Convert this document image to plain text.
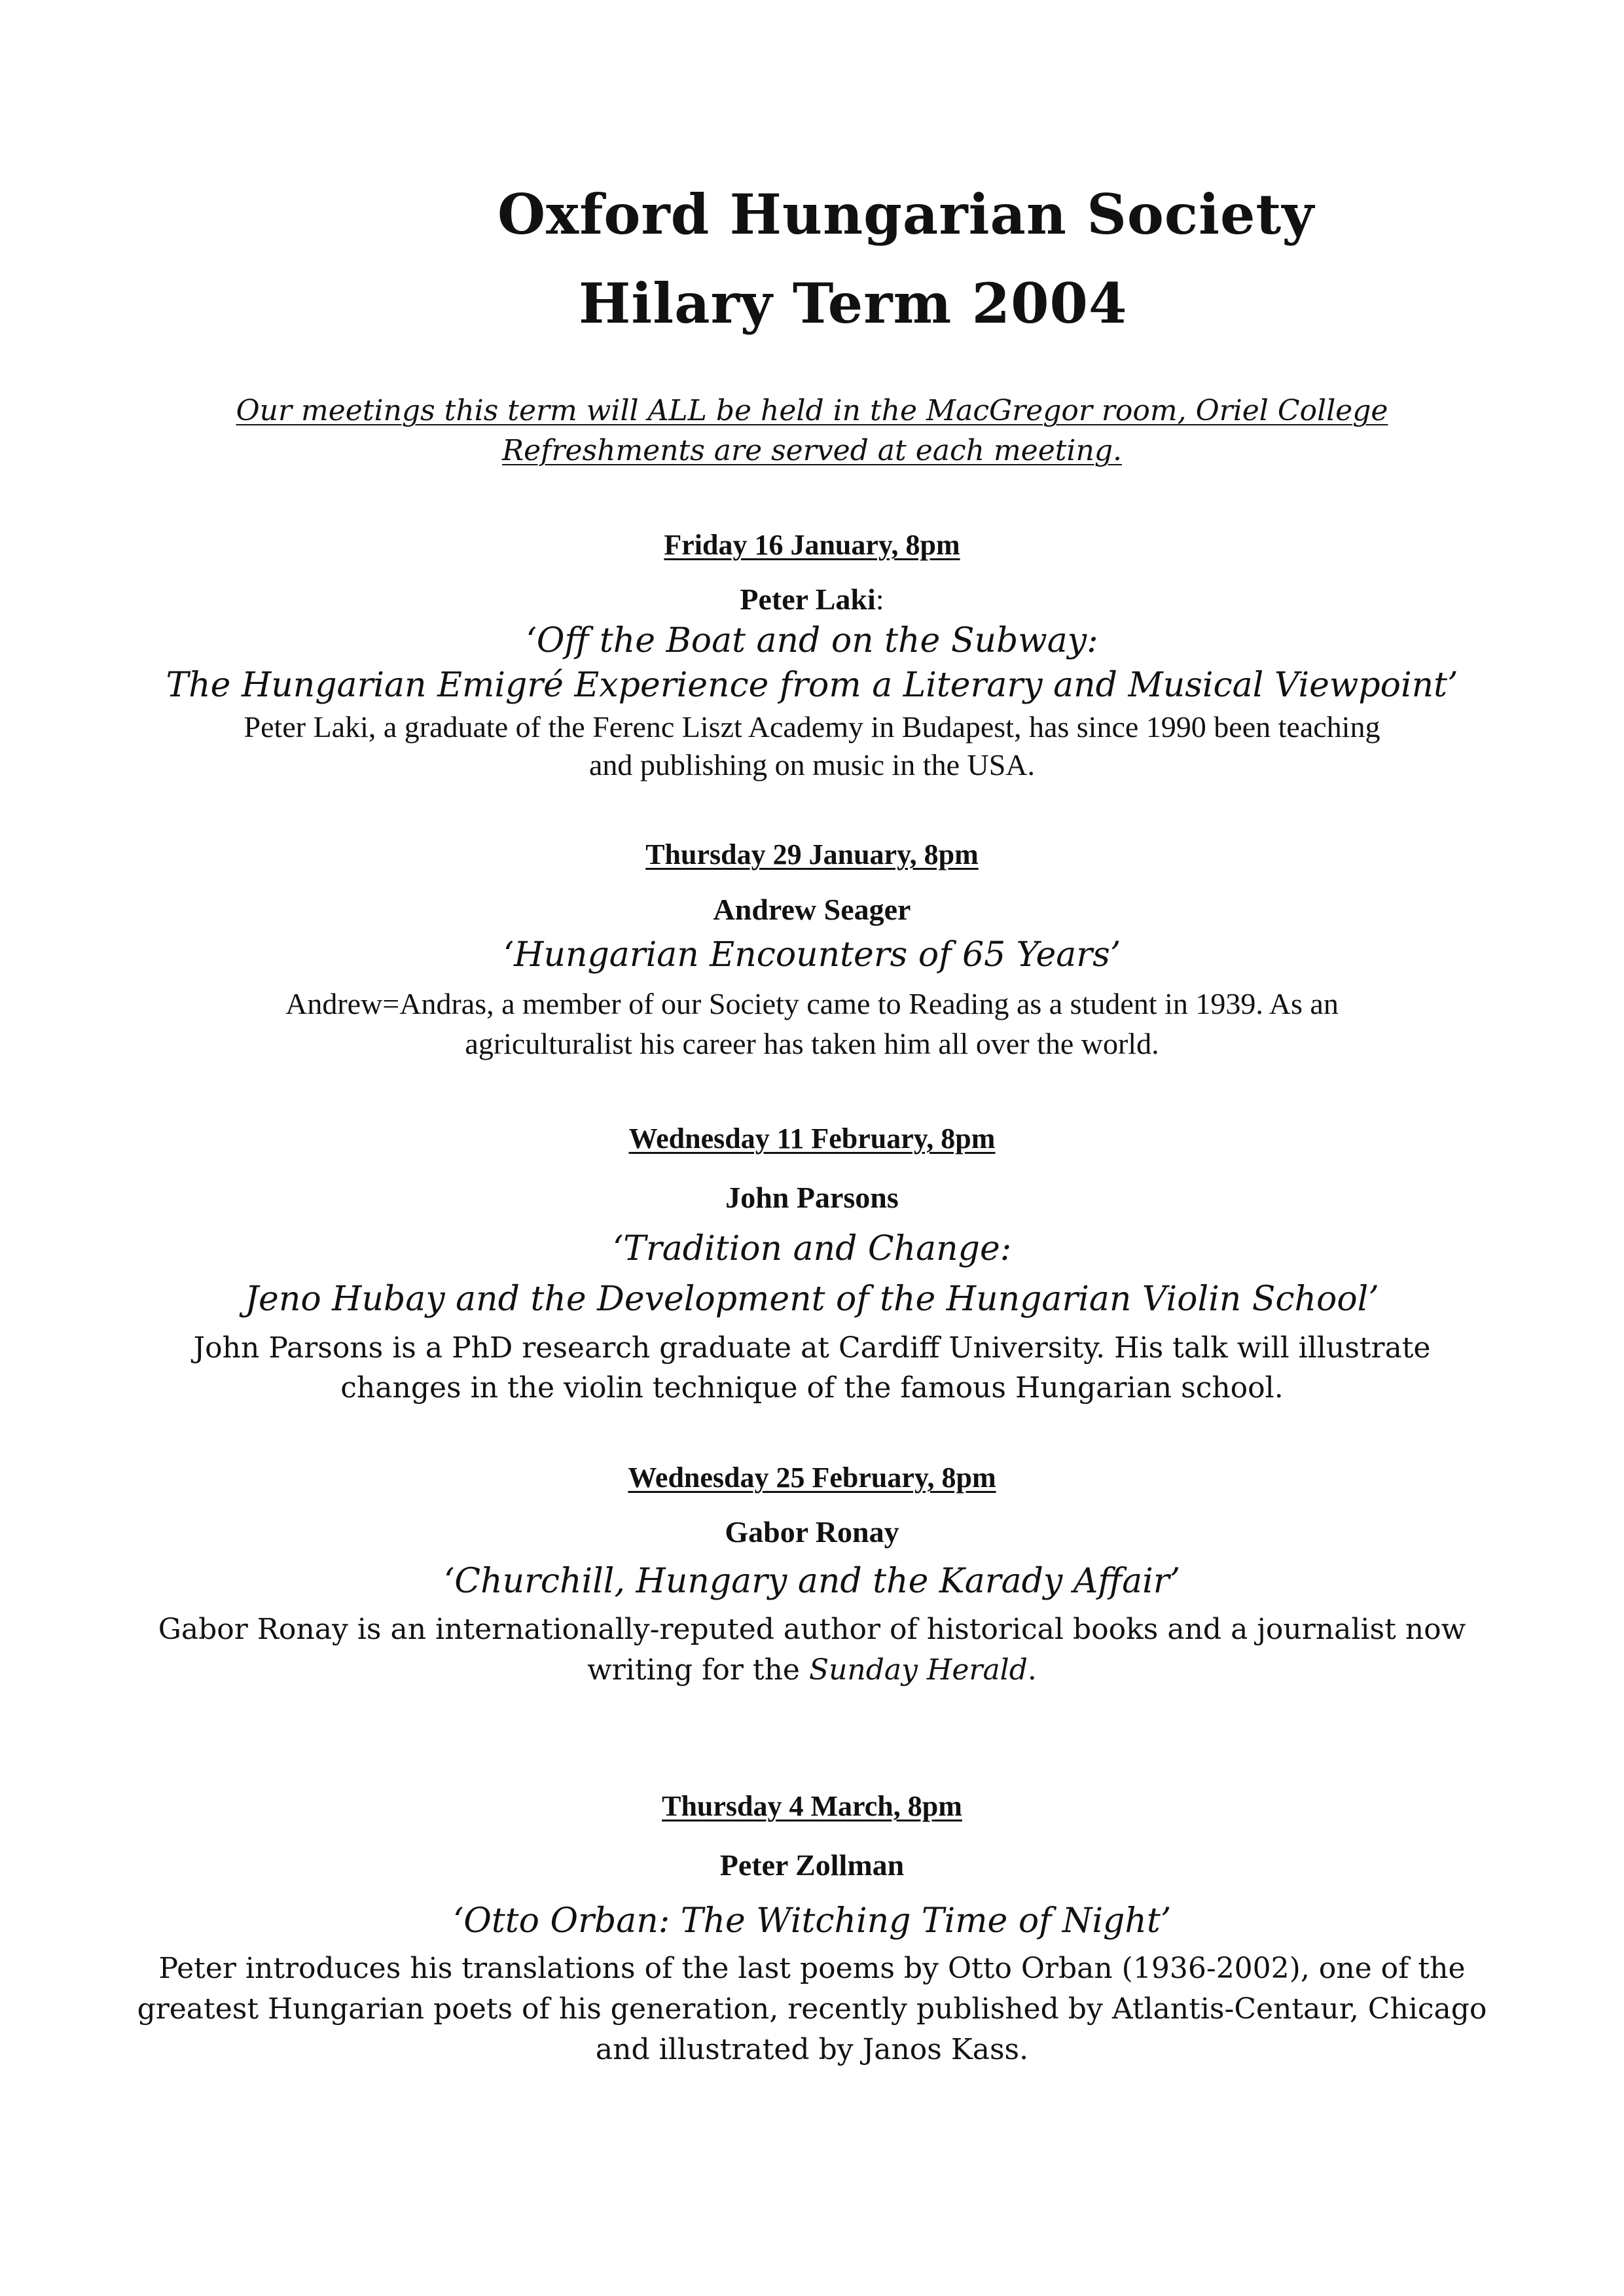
Oxford Hungarian Society
Hilary Term 2004
Our meetings this term will ALL be held in the MacGregor room, Oriel College
Refreshments are served at each meeting.
Friday 16 January, 8pm
Peter Laki:
‘Off the Boat and on the Subway:
The Hungarian Emigré Experience from a Literary and Musical Viewpoint’
Peter Laki, a graduate of the Ferenc Liszt Academy in Budapest, has since 1990 been teaching
and publishing on music in the USA.
Thursday 29 January, 8pm
Andrew Seager
‘Hungarian Encounters of 65 Years’
Andrew=Andras, a member of our Society came to Reading as a student in 1939. As an
agriculturalist his career has taken him all over the world.
Wednesday 11 February, 8pm
John Parsons
‘Tradition and Change:
Jeno Hubay and the Development of the Hungarian Violin School’
John Parsons is a PhD research graduate at Cardiff University. His talk will illustrate
changes in the violin technique of the famous Hungarian school.
Wednesday 25 February, 8pm
Gabor Ronay
‘Churchill, Hungary and the Karady Affair’
Gabor Ronay is an internationally-reputed author of historical books and a journalist now
writing for the Sunday Herald.
Thursday 4 March, 8pm
Peter Zollman
‘Otto Orban: The Witching Time of Night’
Peter introduces his translations of the last poems by Otto Orban (1936-2002), one of the
greatest Hungarian poets of his generation, recently published by Atlantis-Centaur, Chicago
and illustrated by Janos Kass.
